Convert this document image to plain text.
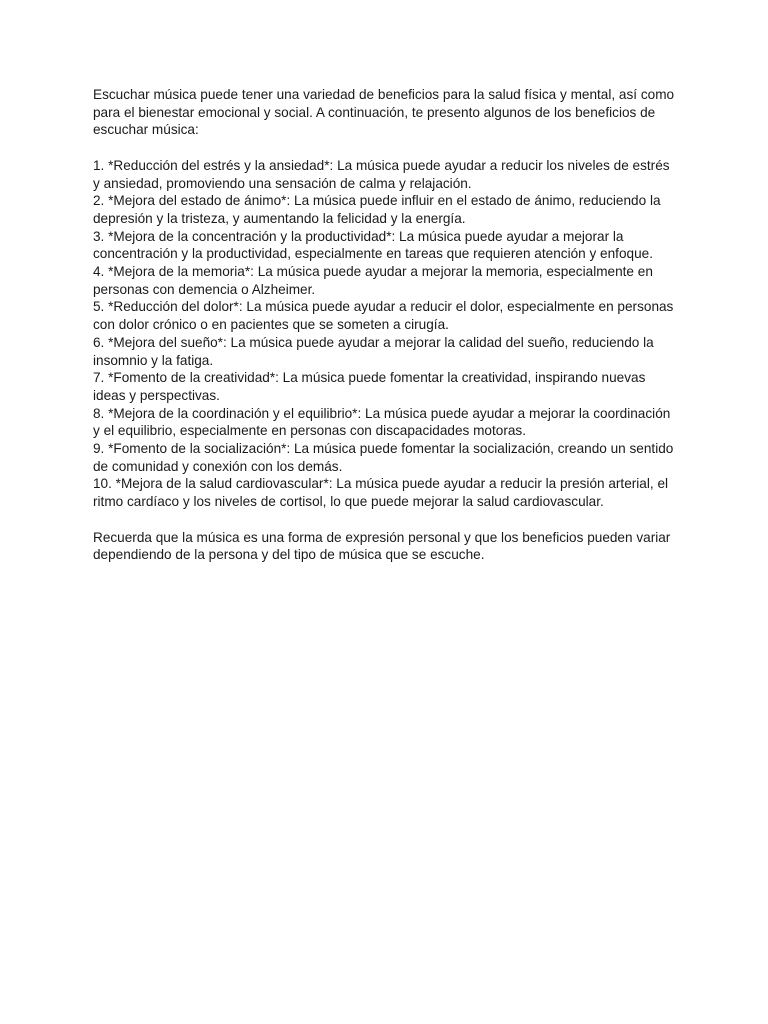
Escuchar música puede tener una variedad de beneficios para la salud física y mental, así como para el bienestar emocional y social. A continuación, te presento algunos de los beneficios de escuchar música:

1. *Reducción del estrés y la ansiedad*: La música puede ayudar a reducir los niveles de estrés y ansiedad, promoviendo una sensación de calma y relajación.
2. *Mejora del estado de ánimo*: La música puede influir en el estado de ánimo, reduciendo la depresión y la tristeza, y aumentando la felicidad y la energía.
3. *Mejora de la concentración y la productividad*: La música puede ayudar a mejorar la concentración y la productividad, especialmente en tareas que requieren atención y enfoque.
4. *Mejora de la memoria*: La música puede ayudar a mejorar la memoria, especialmente en personas con demencia o Alzheimer.
5. *Reducción del dolor*: La música puede ayudar a reducir el dolor, especialmente en personas con dolor crónico o en pacientes que se someten a cirugía.
6. *Mejora del sueño*: La música puede ayudar a mejorar la calidad del sueño, reduciendo la insomnio y la fatiga.
7. *Fomento de la creatividad*: La música puede fomentar la creatividad, inspirando nuevas ideas y perspectivas.
8. *Mejora de la coordinación y el equilibrio*: La música puede ayudar a mejorar la coordinación y el equilibrio, especialmente en personas con discapacidades motoras.
9. *Fomento de la socialización*: La música puede fomentar la socialización, creando un sentido de comunidad y conexión con los demás.
10. *Mejora de la salud cardiovascular*: La música puede ayudar a reducir la presión arterial, el ritmo cardíaco y los niveles de cortisol, lo que puede mejorar la salud cardiovascular.

Recuerda que la música es una forma de expresión personal y que los beneficios pueden variar dependiendo de la persona y del tipo de música que se escuche.
